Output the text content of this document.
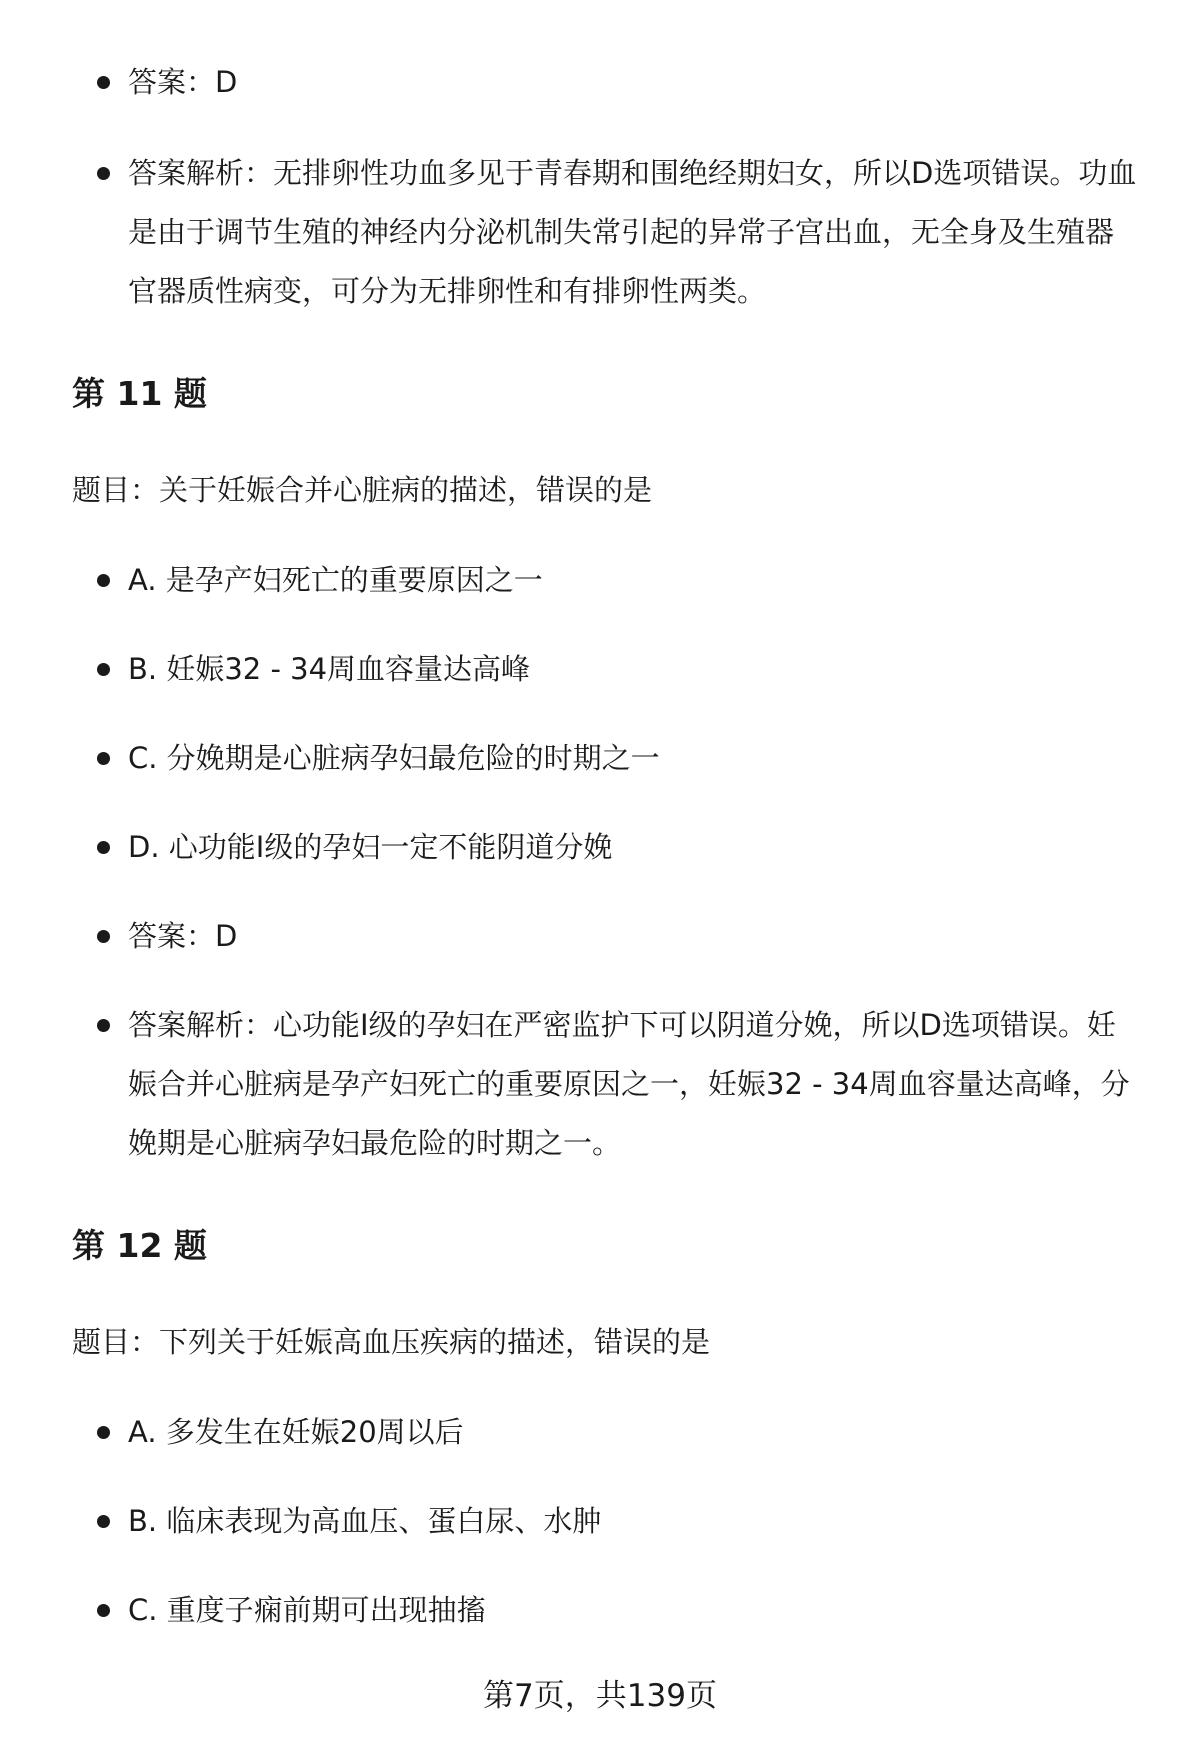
答案：D
答案解析：无排卵性功血多见于青春期和围绝经期妇女，所以D选项错误。功血是由于调节生殖的神经内分泌机制失常引起的异常子宫出血，无全身及生殖器官器质性病变，可分为无排卵性和有排卵性两类。
第 11 题
题目：关于妊娠合并心脏病的描述，错误的是
A. 是孕产妇死亡的重要原因之一
B. 妊娠32 - 34周血容量达高峰
C. 分娩期是心脏病孕妇最危险的时期之一
D. 心功能Ⅰ级的孕妇一定不能阴道分娩
答案：D
答案解析：心功能Ⅰ级的孕妇在严密监护下可以阴道分娩，所以D选项错误。妊娠合并心脏病是孕产妇死亡的重要原因之一，妊娠32 - 34周血容量达高峰，分娩期是心脏病孕妇最危险的时期之一。
第 12 题
题目：下列关于妊娠高血压疾病的描述，错误的是
A. 多发生在妊娠20周以后
B. 临床表现为高血压、蛋白尿、水肿
C. 重度子痫前期可出现抽搐
第7页，共139页
